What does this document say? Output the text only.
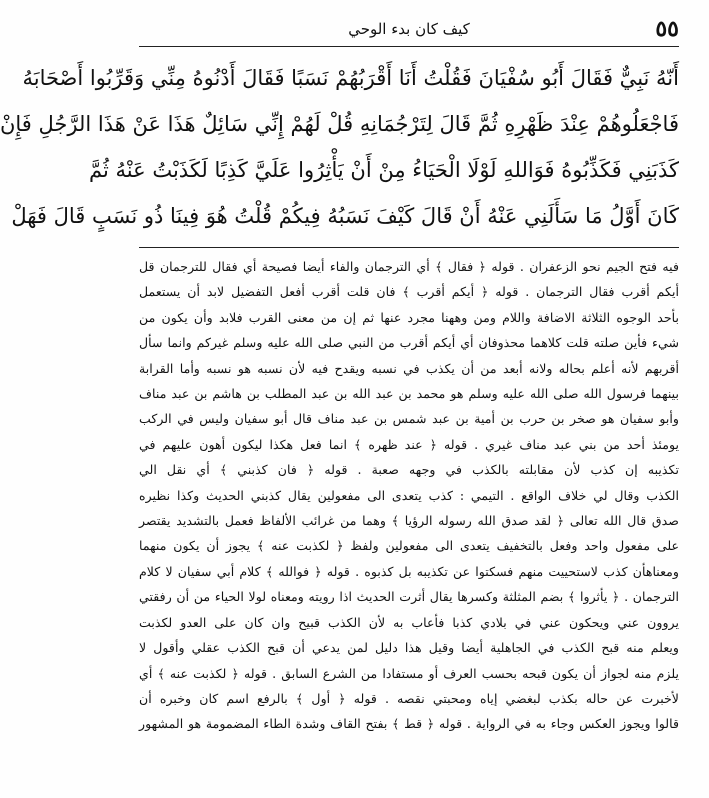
٥٥
كيف كان بدء الوحي

أَنّهُ نَبِيٌّ فَقَالَ أَبُو سُفْيَانَ فَقُلْتُ أَنَا أَقْرَبُهُمْ نَسَبًا فَقَالَ أَدْنُوهُ مِنِّي وَقَرِّبُوا أَصْحَابَهُ

فَاجْعَلُوهُمْ عِنْدَ ظَهْرِهِ ثُمَّ قَالَ لِتَرْجُمَانِهِ قُلْ لَهُمْ إِنِّي سَائِلٌ هَذَا عَنْ هَذَا الرَّجُلِ فَإِنْ

كَذَبَنِي فَكَذِّبُوهُ فَوَاللهِ لَوْلَا الْحَيَاءُ مِنْ أَنْ يَأْثِرُوا عَلَيَّ كَذِبًا لَكَذَبْتُ عَنْهُ ثُمَّ

كَانَ أَوَّلُ مَا سَأَلَنِي عَنْهُ أَنْ قَالَ كَيْفَ نَسَبُهُ فِيكُمْ قُلْتُ هُوَ فِينَا ذُو نَسَبٍ قَالَ فَهَلْ

فيه فتح الجيم نحو الزعفران . قوله ﴿ فقال ﴾ أي الترجمان والفاء أيضا فصيحة أي فقال للترجمان قل

أيكم أقرب فقال الترجمان . قوله ﴿ أيكم أقرب ﴾ فان قلت أقرب أفعل التفضيل لابد أن يستعمل

بأحد الوجوه الثلاثة الاضافة واللام ومن وههنا مجرد عنها ثم إن من معنى القرب فلابد وأن يكون من

شيء فأين صلته قلت كلاهما محذوفان أي أيكم أقرب من النبي صلى الله عليه وسلم غيركم وانما سأل

أقربهم لأنه أعلم بحاله ولانه أبعد من أن يكذب في نسبه ويقدح فيه لأن نسبه هو نسبه وأما القرابة

بينهما فرسول الله صلى الله عليه وسلم هو محمد بن عبد الله بن عبد المطلب بن هاشم بن عبد مناف

وأبو سفيان هو صخر بن حرب بن أمية بن عبد شمس بن عبد مناف قال أبو سفيان وليس في الركب

يومئذ أحد من بني عبد مناف غيري . قوله ﴿ عند ظهره ﴾ انما فعل هكذا ليكون أهون عليهم في

تكذيبه إن كذب لأن مقابلته بالكذب في وجهه صعبة . قوله ﴿ فان كذبني ﴾ أي نقل الي

الكذب وقال لي خلاف الواقع . التيمي : كذب يتعدى الى مفعولين يقال كذبني الحديث وكذا نظيره

صدق قال الله تعالى ﴿ لقد صدق الله رسوله الرؤيا ﴾ وهما من غرائب الألفاظ فعمل بالتشديد يقتصر

على مفعول واحد وفعل بالتخفيف يتعدى الى مفعولين ولفظ ﴿ لكذبت عنه ﴾ يجوز أن يكون منهما

ومعناهأن كذب لاستحييت منهم فسكتوا عن تكذيبه بل كذبوه . قوله ﴿ فوالله ﴾ كلام أبي سفيان لا كلام

الترجمان . ﴿ يأثروا ﴾ بضم المثلثة وكسرها يقال أثرت الحديث اذا رويته ومعناه لولا الحياء من أن رفقتي

يروون عني ويحكون عني في بلادي كذبا فأعاب به لأن الكذب قبيح وان كان على العدو لكذبت

ويعلم منه قبح الكذب في الجاهلية أيضا وقيل هذا دليل لمن يدعي أن قبح الكذب عقلي وأقول لا

يلزم منه لجواز أن يكون قبحه بحسب العرف أو مستفادا من الشرع السابق . قوله ﴿ لكذبت عنه ﴾ أي

لأخبرت عن حاله بكذب لبغضي إياه ومحبتي نقصه . قوله ﴿ أول ﴾ بالرفع اسم كان وخبره أن

قالوا ويجوز العكس وجاء به في الرواية . قوله ﴿ قط ﴾ بفتح القاف وشدة الطاء المضمومة هو المشهور
